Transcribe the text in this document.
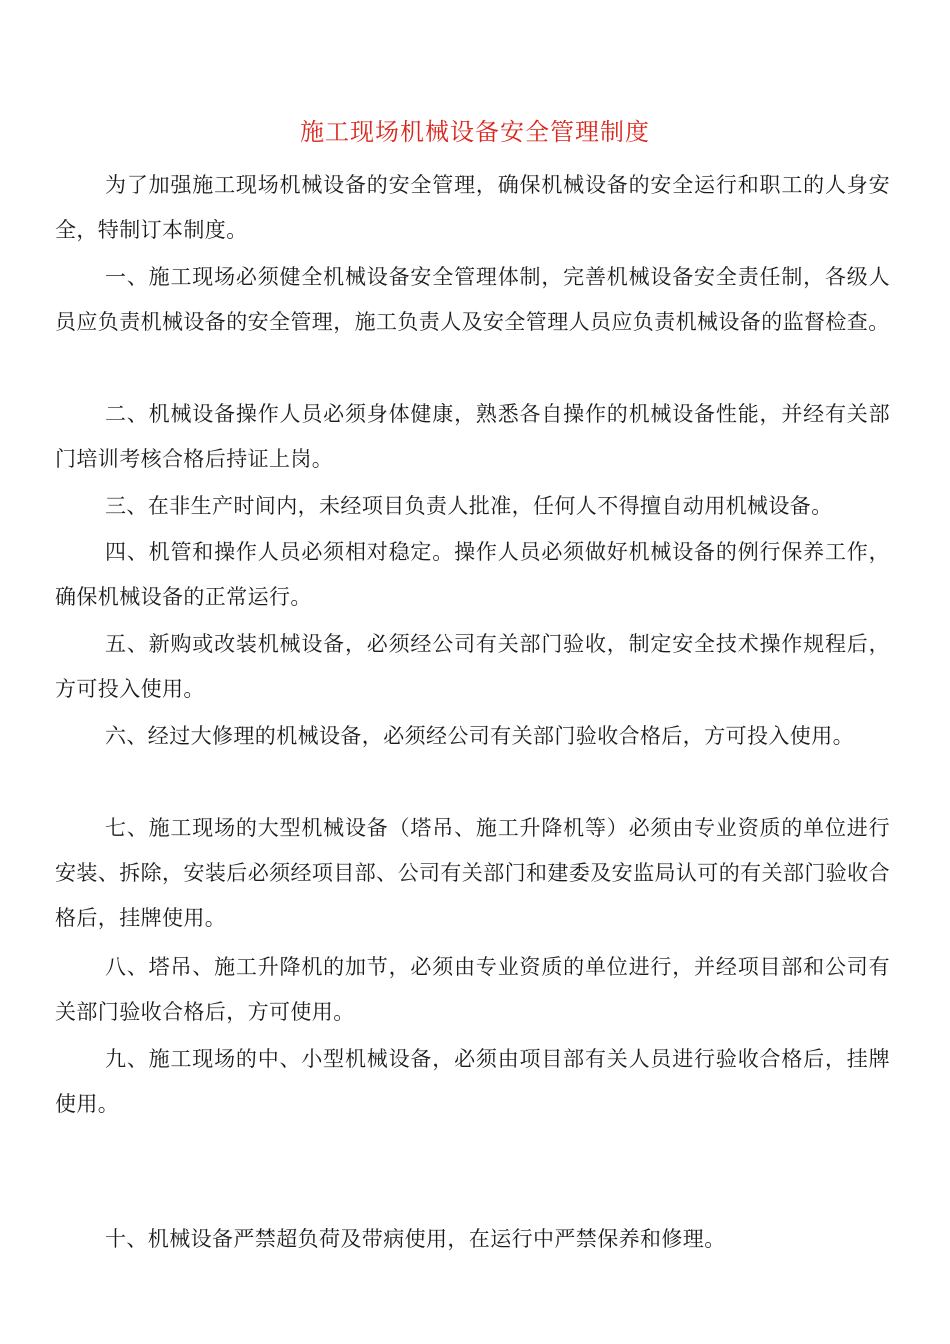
施工现场机械设备安全管理制度

为了加强施工现场机械设备的安全管理，确保机械设备的安全运行和职工的人身安全，特制订本制度。

一、施工现场必须健全机械设备安全管理体制，完善机械设备安全责任制，各级人员应负责机械设备的安全管理，施工负责人及安全管理人员应负责机械设备的监督检查。

二、机械设备操作人员必须身体健康，熟悉各自操作的机械设备性能，并经有关部门培训考核合格后持证上岗。

三、在非生产时间内，未经项目负责人批准，任何人不得擅自动用机械设备。

四、机管和操作人员必须相对稳定。操作人员必须做好机械设备的例行保养工作，确保机械设备的正常运行。

五、新购或改装机械设备，必须经公司有关部门验收，制定安全技术操作规程后，方可投入使用。

六、经过大修理的机械设备，必须经公司有关部门验收合格后，方可投入使用。

七、施工现场的大型机械设备（塔吊、施工升降机等）必须由专业资质的单位进行安装、拆除，安装后必须经项目部、公司有关部门和建委及安监局认可的有关部门验收合格后，挂牌使用。

八、塔吊、施工升降机的加节，必须由专业资质的单位进行，并经项目部和公司有关部门验收合格后，方可使用。

九、施工现场的中、小型机械设备，必须由项目部有关人员进行验收合格后，挂牌使用。

十、机械设备严禁超负荷及带病使用，在运行中严禁保养和修理。
